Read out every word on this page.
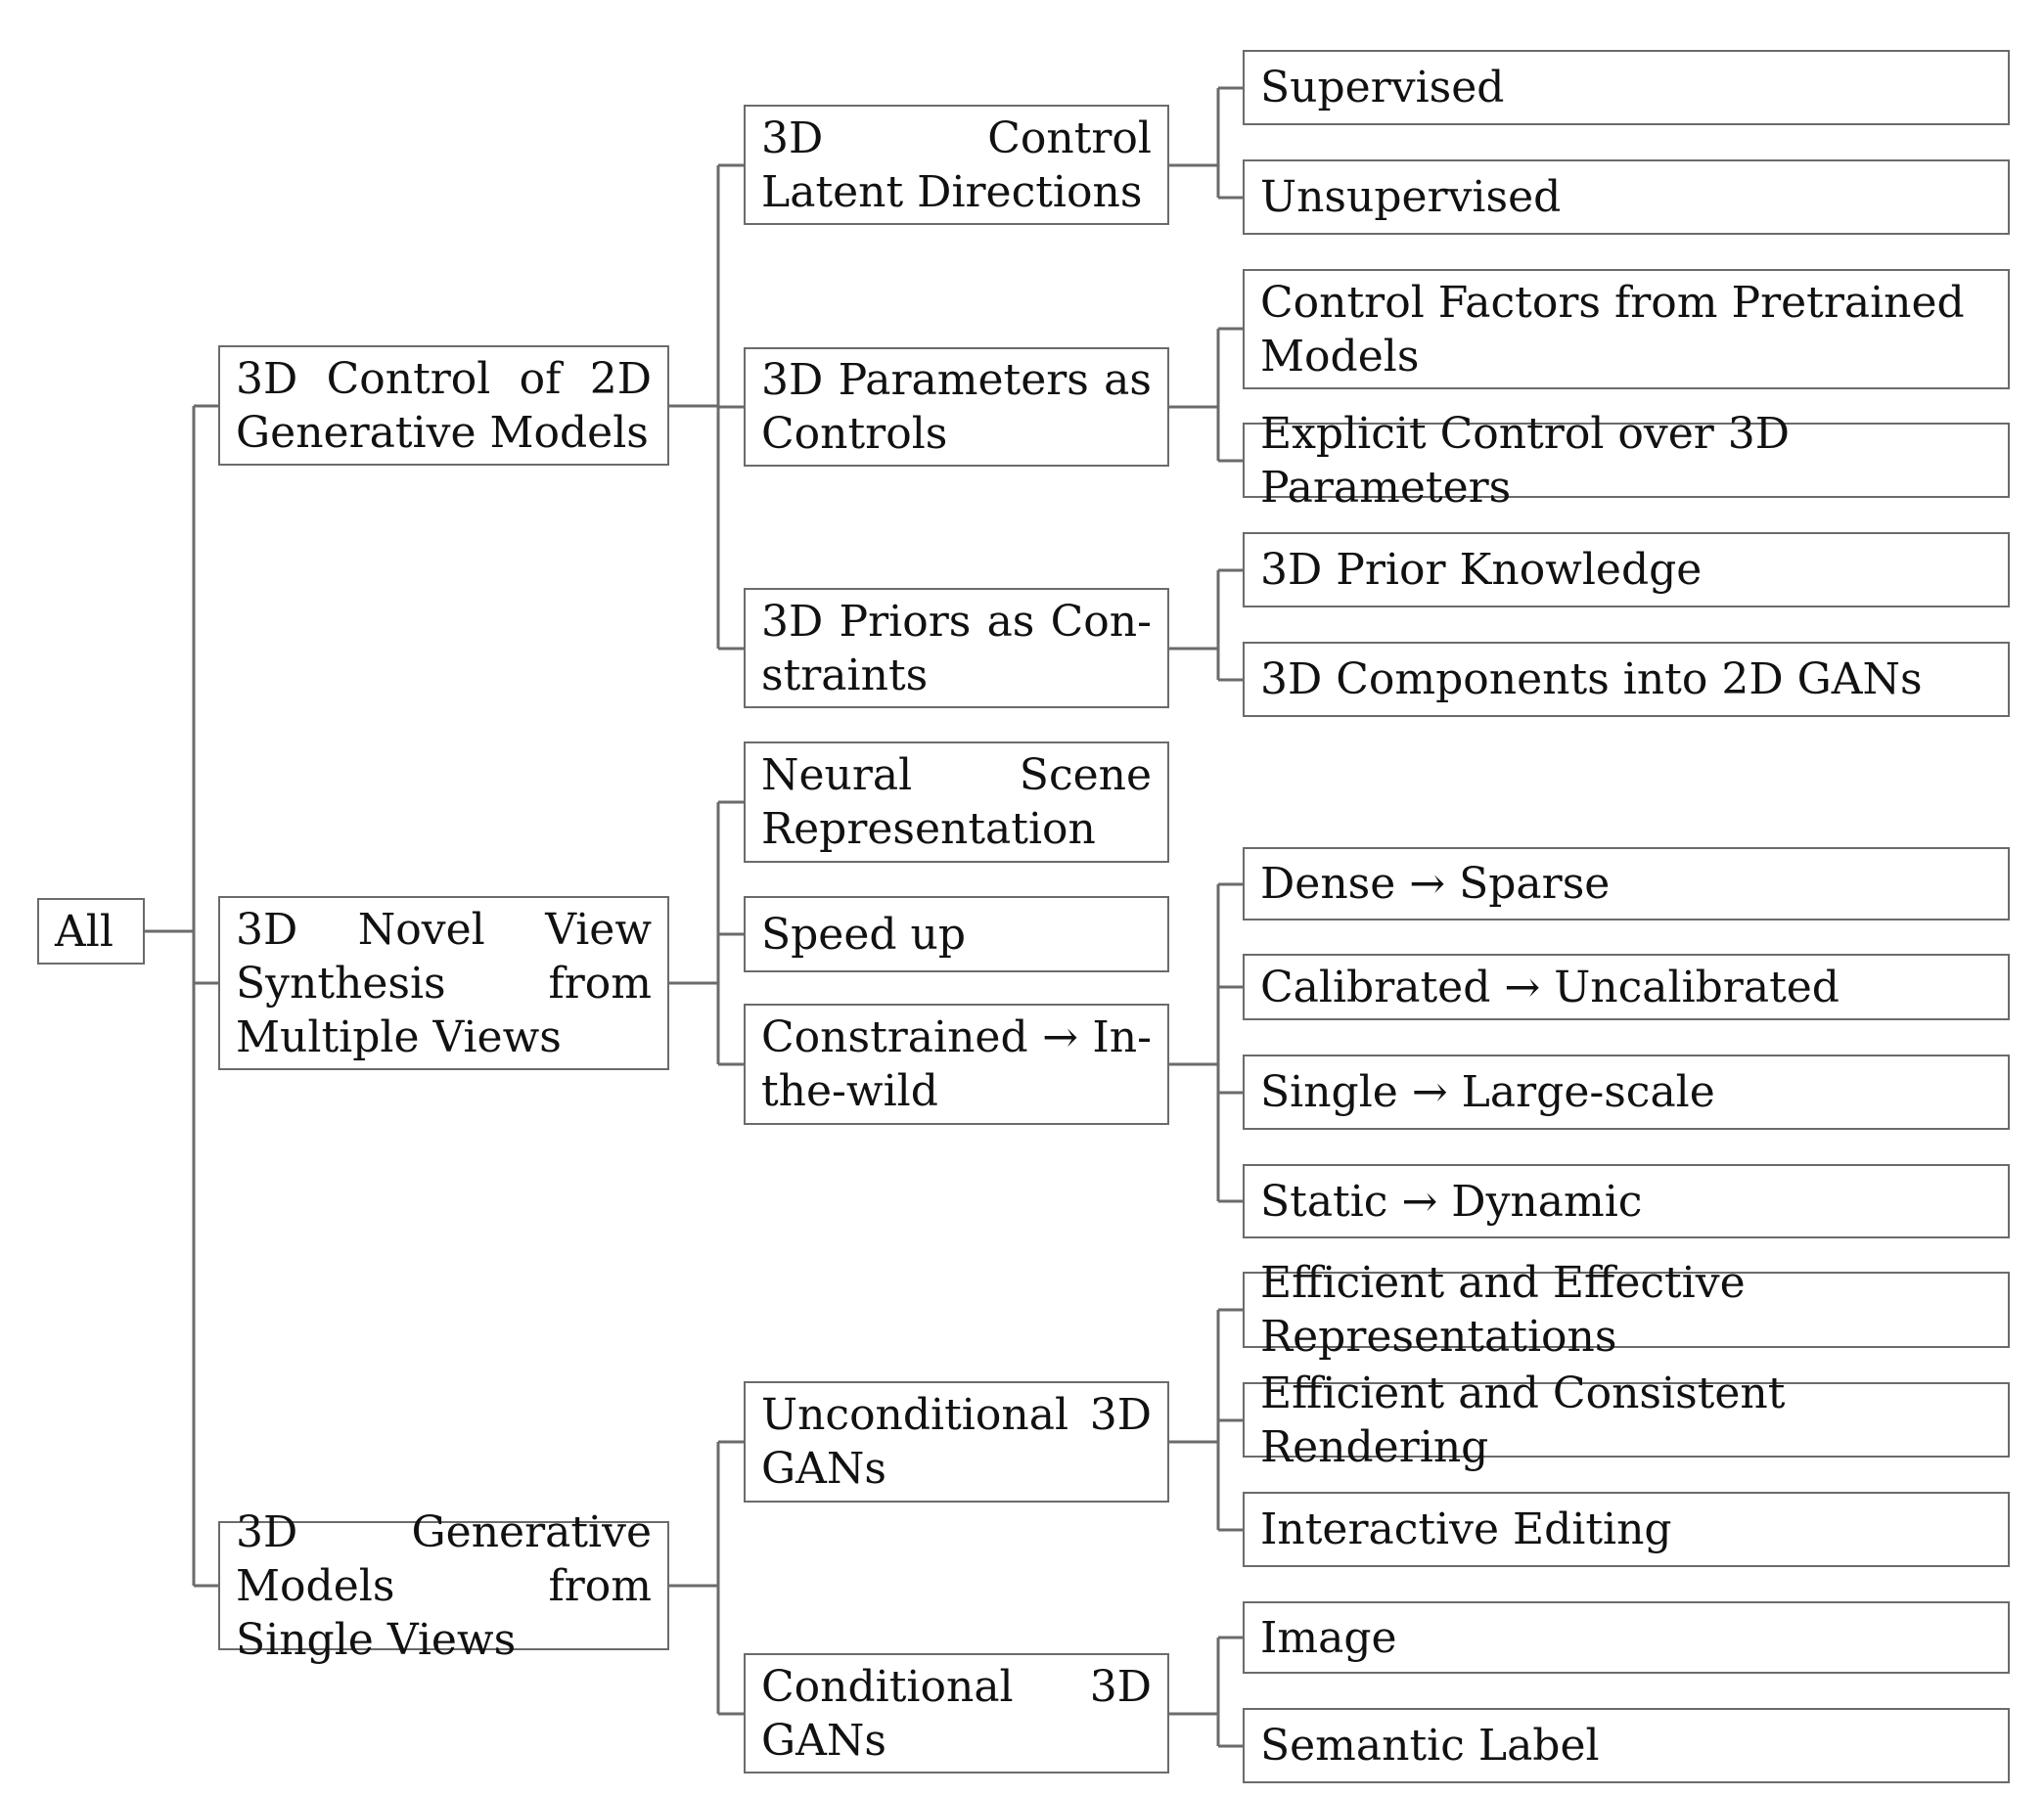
All
3D Control of 2D Generative Models
3D Novel View Synthesis from Multiple Views
3D Generative Models from Single Views
3D Control Latent Directions
3D Parameters as Controls
3D Priors as Constraints
Neural Scene Representation
Speed up
Constrained → In-the-wild
Unconditional 3D GANs
Conditional 3D GANs
Supervised
Unsupervised
Control Factors from Pretrained Models
Explicit Control over 3D Parameters
3D Prior Knowledge
3D Components into 2D GANs
Dense → Sparse
Calibrated → Uncalibrated
Single → Large-scale
Static → Dynamic
Efficient and Effective Representations
Efficient and Consistent Rendering
Interactive Editing
Image
Semantic Label
